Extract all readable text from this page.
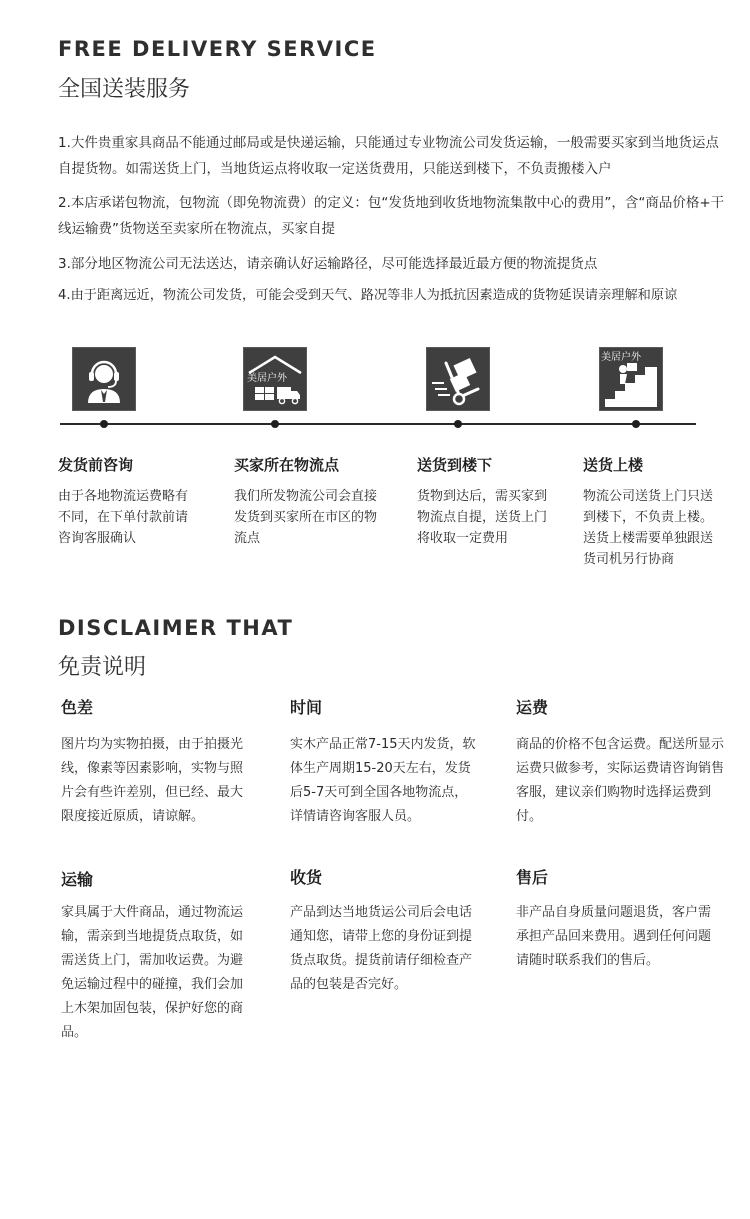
FREE DELIVERY SERVICE
全国送装服务
1.大件贵重家具商品不能通过邮局或是快递运输，只能通过专业物流公司发货运输，一般需要买家到当地货运点自提货物。如需送货上门，当地货运点将收取一定送货费用，只能送到楼下，不负责搬楼入户
2.本店承诺包物流，包物流（即免物流费）的定义：包“发货地到收货地物流集散中心的费用”，含“商品价格+干线运输费”货物送至卖家所在物流点，买家自提
3.部分地区物流公司无法送达，请亲确认好运输路径，尽可能选择最近最方便的物流提货点
4.由于距离远近，物流公司发货，可能会受到天气、路况等非人为抵抗因素造成的货物延误请亲理解和原谅
美居户外
美居户外
发货前咨询
由于各地物流运费略有不同，在下单付款前请咨询客服确认
买家所在物流点
我们所发物流公司会直接发货到买家所在市区的物流点
送货到楼下
货物到达后，需买家到物流点自提，送货上门将收取一定费用
送货上楼
物流公司送货上门只送到楼下，不负责上楼。送货上楼需要单独跟送货司机另行协商
DISCLAIMER THAT
免责说明
色差
图片均为实物拍摄，由于拍摄光线，像素等因素影响，实物与照片会有些许差别，但已经、最大限度接近原质，请谅解。
时间
实木产品正常7-15天内发货，软体生产周期15-20天左右，发货后5-7天可到全国各地物流点，详情请咨询客服人员。
运费
商品的价格不包含运费。配送所显示运费只做参考，实际运费请咨询销售客服，建议亲们购物时选择运费到付。
运输
家具属于大件商品，通过物流运输，需亲到当地提货点取货，如需送货上门，需加收运费。为避免运输过程中的碰撞，我们会加上木架加固包装，保护好您的商品。
收货
产品到达当地货运公司后会电话通知您，请带上您的身份证到提货点取货。提货前请仔细检查产品的包装是否完好。
售后
非产品自身质量问题退货，客户需承担产品回来费用。遇到任何问题请随时联系我们的售后。
